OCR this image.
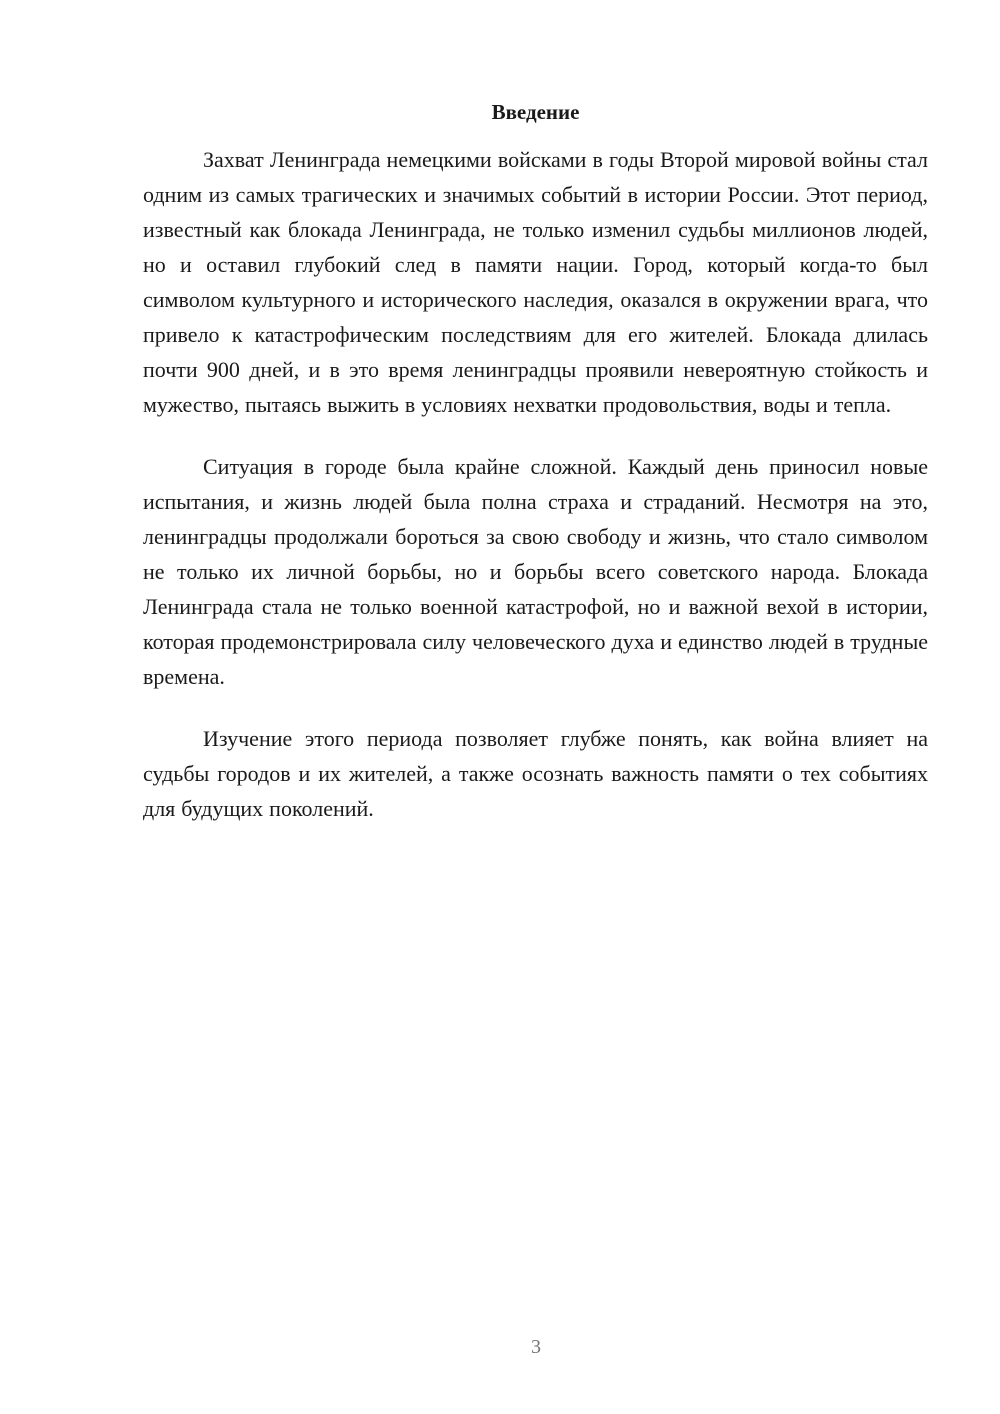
Введение

Захват Ленинграда немецкими войсками в годы Второй мировой войны стал одним из самых трагических и значимых событий в истории России. Этот период, известный как блокада Ленинграда, не только изменил судьбы миллионов людей, но и оставил глубокий след в памяти нации. Город, который когда-то был символом культурного и исторического наследия, оказался в окружении врага, что привело к катастрофическим последствиям для его жителей. Блокада длилась почти 900 дней, и в это время ленинградцы проявили невероятную стойкость и мужество, пытаясь выжить в условиях нехватки продовольствия, воды и тепла.

Ситуация в городе была крайне сложной. Каждый день приносил новые испытания, и жизнь людей была полна страха и страданий. Несмотря на это, ленинградцы продолжали бороться за свою свободу и жизнь, что стало символом не только их личной борьбы, но и борьбы всего советского народа. Блокада Ленинграда стала не только военной катастрофой, но и важной вехой в истории, которая продемонстрировала силу человеческого духа и единство людей в трудные времена.

Изучение этого периода позволяет глубже понять, как война влияет на судьбы городов и их жителей, а также осознать важность памяти о тех событиях для будущих поколений.

3
